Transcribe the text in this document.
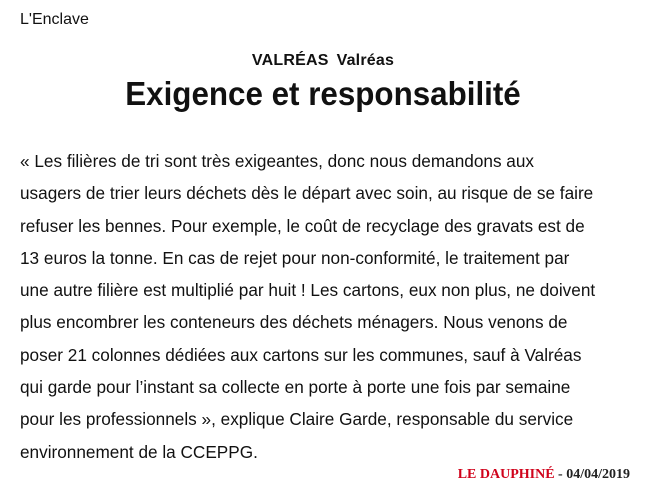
L'Enclave
VALRÉAS Valréas
Exigence et responsabilité
« Les filières de tri sont très exigeantes, donc nous demandons aux
usagers de trier leurs déchets dès le départ avec soin, au risque de se faire
refuser les bennes. Pour exemple, le coût de recyclage des gravats est de
13 euros la tonne. En cas de rejet pour non-conformité, le traitement par
une autre filière est multiplié par huit ! Les cartons, eux non plus, ne doivent
plus encombrer les conteneurs des déchets ménagers. Nous venons de
poser 21 colonnes dédiées aux cartons sur les communes, sauf à Valréas
qui garde pour l’instant sa collecte en porte à porte une fois par semaine
pour les professionnels », explique Claire Garde, responsable du service
environnement de la CCEPPG.
LE DAUPHINÉ - 04/04/2019
